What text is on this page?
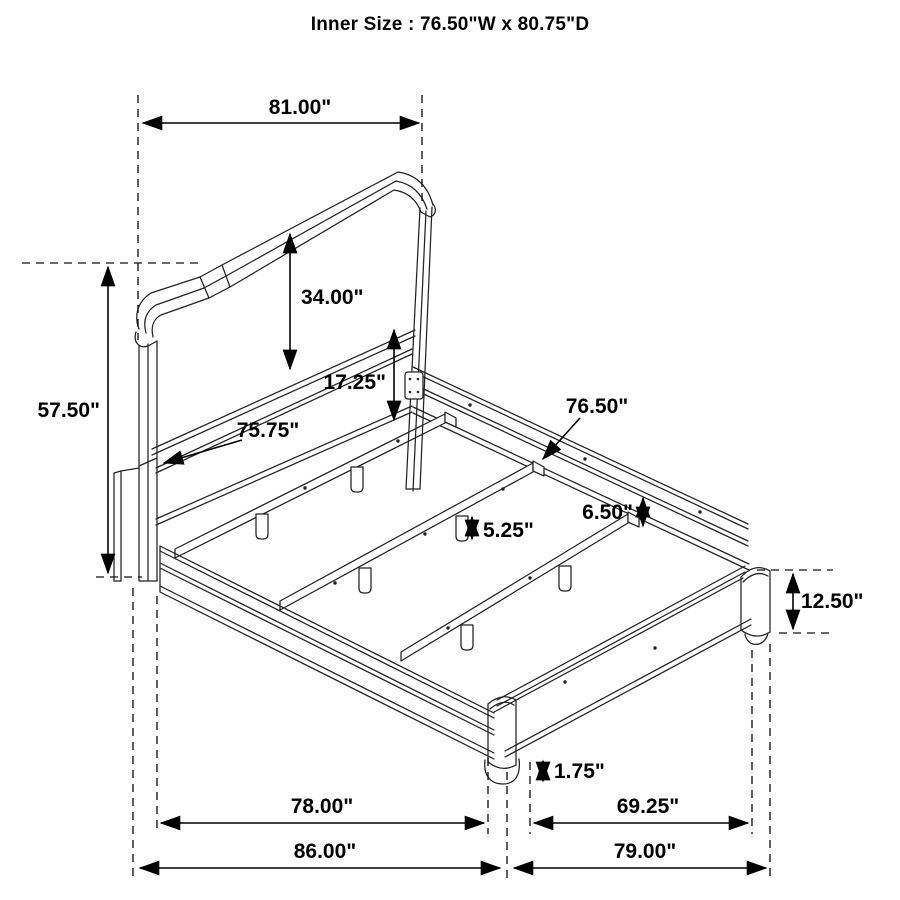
Inner Size : 76.50"W x 80.75"D
81.00"
57.50"
34.00"
17.25"
75.75"
76.50"
6.50"
5.25"
12.50"
1.75"
78.00"	69.25"
86.00"	79.00"
